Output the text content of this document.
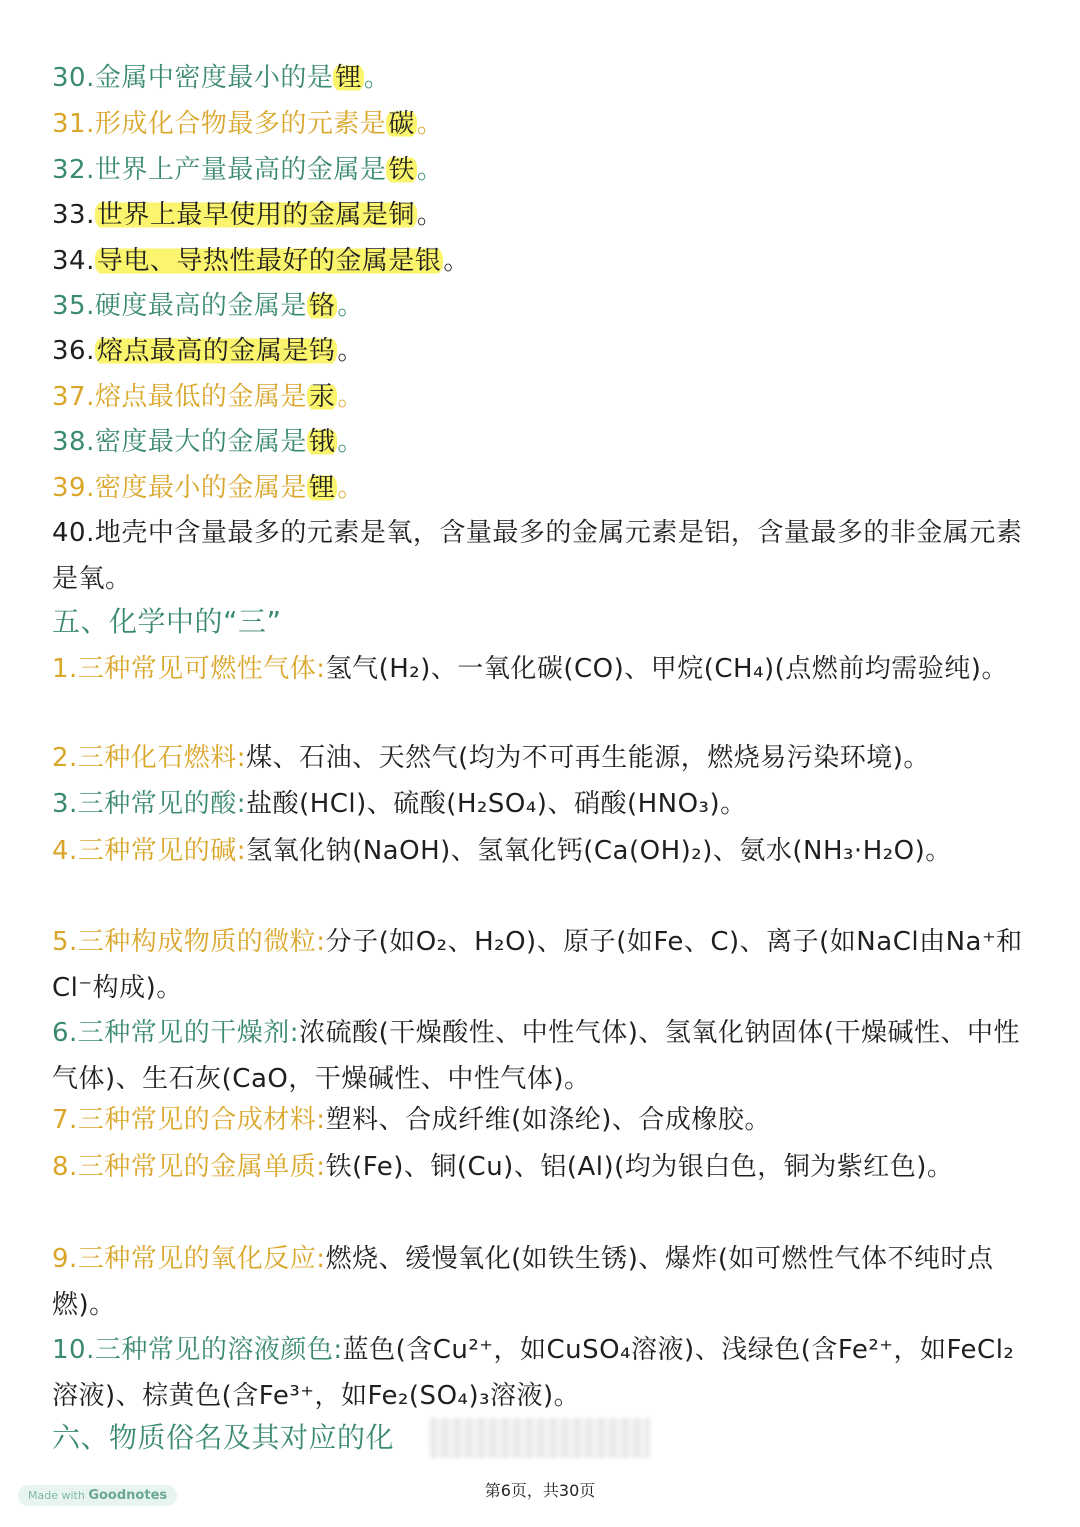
30.金属中密度最小的是锂。
31.形成化合物最多的元素是碳。
32.世界上产量最高的金属是铁。
33.世界上最早使用的金属是铜。
34.导电、导热性最好的金属是银。
35.硬度最高的金属是铬。
36.熔点最高的金属是钨。
37.熔点最低的金属是汞。
38.密度最大的金属是锇。
39.密度最小的金属是锂。
40.地壳中含量最多的元素是氧，含量最多的金属元素是铝，含量最多的非金属元素是氧。
五、化学中的“三”
1.三种常见可燃性气体:氢气(H₂)、一氧化碳(CO)、甲烷(CH₄)(点燃前均需验纯)。
2.三种化石燃料:煤、石油、天然气(均为不可再生能源，燃烧易污染环境)。
3.三种常见的酸:盐酸(HCl)、硫酸(H₂SO₄)、硝酸(HNO₃)。
4.三种常见的碱:氢氧化钠(NaOH)、氢氧化钙(Ca(OH)₂)、氨水(NH₃·H₂O)。
5.三种构成物质的微粒:分子(如O₂、H₂O)、原子(如Fe、C)、离子(如NaCl由Na⁺和Cl⁻构成)。
6.三种常见的干燥剂:浓硫酸(干燥酸性、中性气体)、氢氧化钠固体(干燥碱性、中性气体)、生石灰(CaO，干燥碱性、中性气体)。
7.三种常见的合成材料:塑料、合成纤维(如涤纶)、合成橡胶。
8.三种常见的金属单质:铁(Fe)、铜(Cu)、铝(Al)(均为银白色，铜为紫红色)。
9.三种常见的氧化反应:燃烧、缓慢氧化(如铁生锈)、爆炸(如可燃性气体不纯时点燃)。
10.三种常见的溶液颜色:蓝色(含Cu²⁺，如CuSO₄溶液)、浅绿色(含Fe²⁺，如FeCl₂溶液)、棕黄色(含Fe³⁺，如Fe₂(SO₄)₃溶液)。
六、物质俗名及其对应的化
Made with Goodnotes	第6页，共30页
